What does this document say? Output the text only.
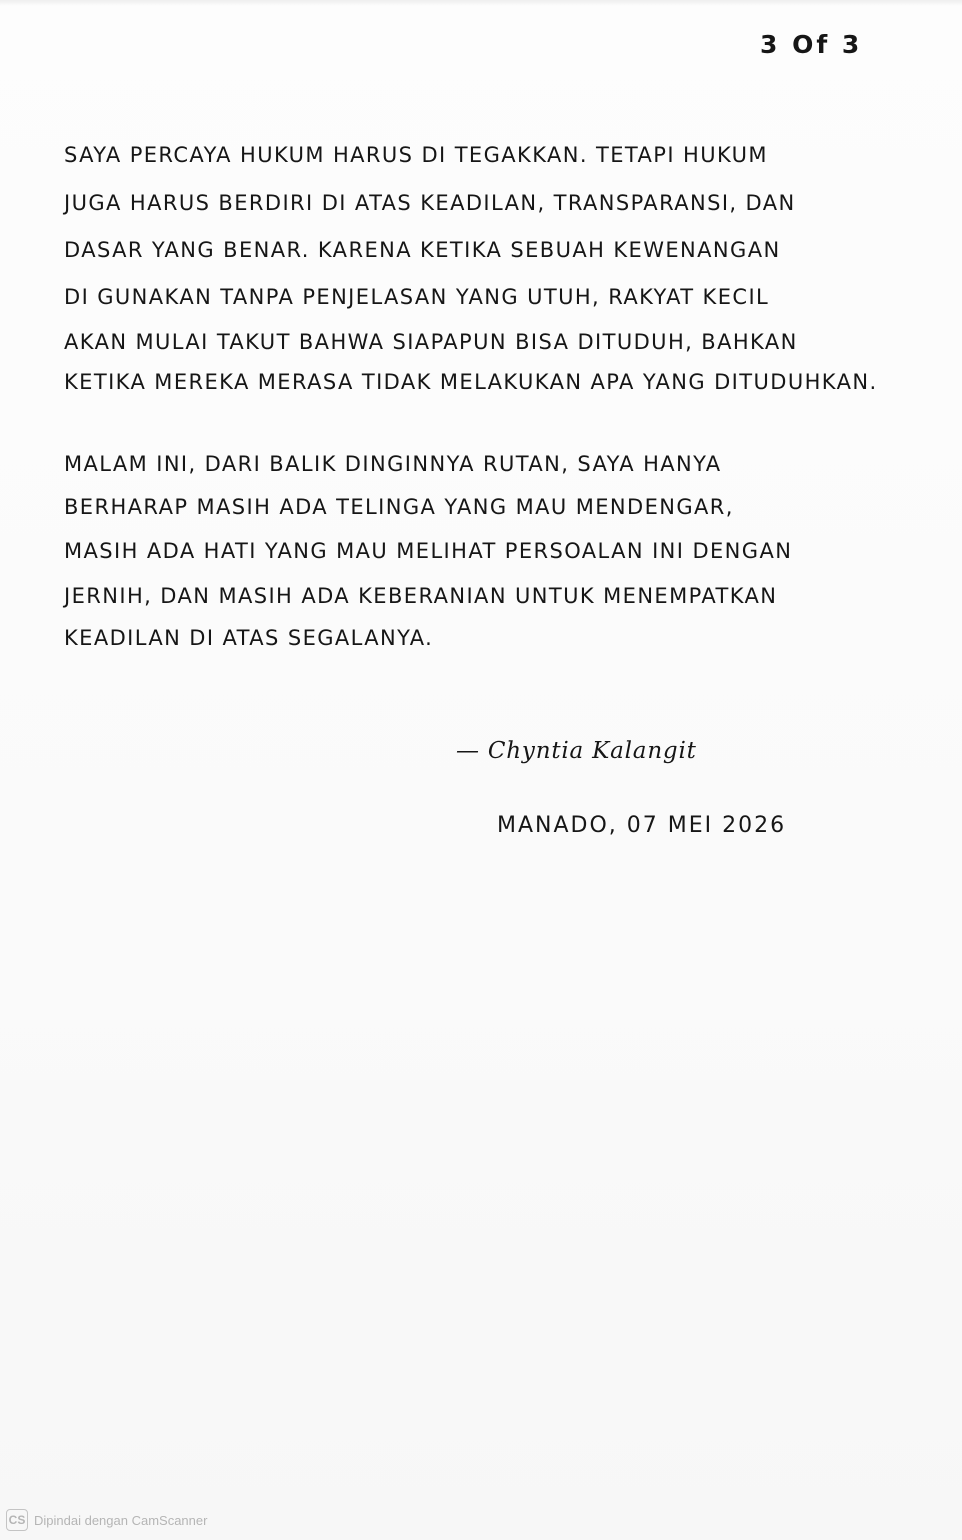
3 Of 3
SAYA PERCAYA HUKUM HARUS DI TEGAKKAN. TETAPI HUKUM
JUGA HARUS BERDIRI DI ATAS KEADILAN, TRANSPARANSI, DAN
DASAR YANG BENAR. KARENA KETIKA SEBUAH KEWENANGAN
DI GUNAKAN TANPA PENJELASAN YANG UTUH, RAKYAT KECIL
AKAN MULAI TAKUT BAHWA SIAPAPUN BISA DITUDUH, BAHKAN
KETIKA MEREKA MERASA TIDAK MELAKUKAN APA YANG DITUDUHKAN.
MALAM INI, DARI BALIK DINGINNYA RUTAN, SAYA HANYA
BERHARAP MASIH ADA TELINGA YANG MAU MENDENGAR,
MASIH ADA HATI YANG MAU MELIHAT PERSOALAN INI DENGAN
JERNIH, DAN MASIH ADA KEBERANIAN UNTUK MENEMPATKAN
KEADILAN DI ATAS SEGALANYA.
— Chyntia Kalangit
MANADO, 07 MEI 2026
CS Dipindai dengan CamScanner
